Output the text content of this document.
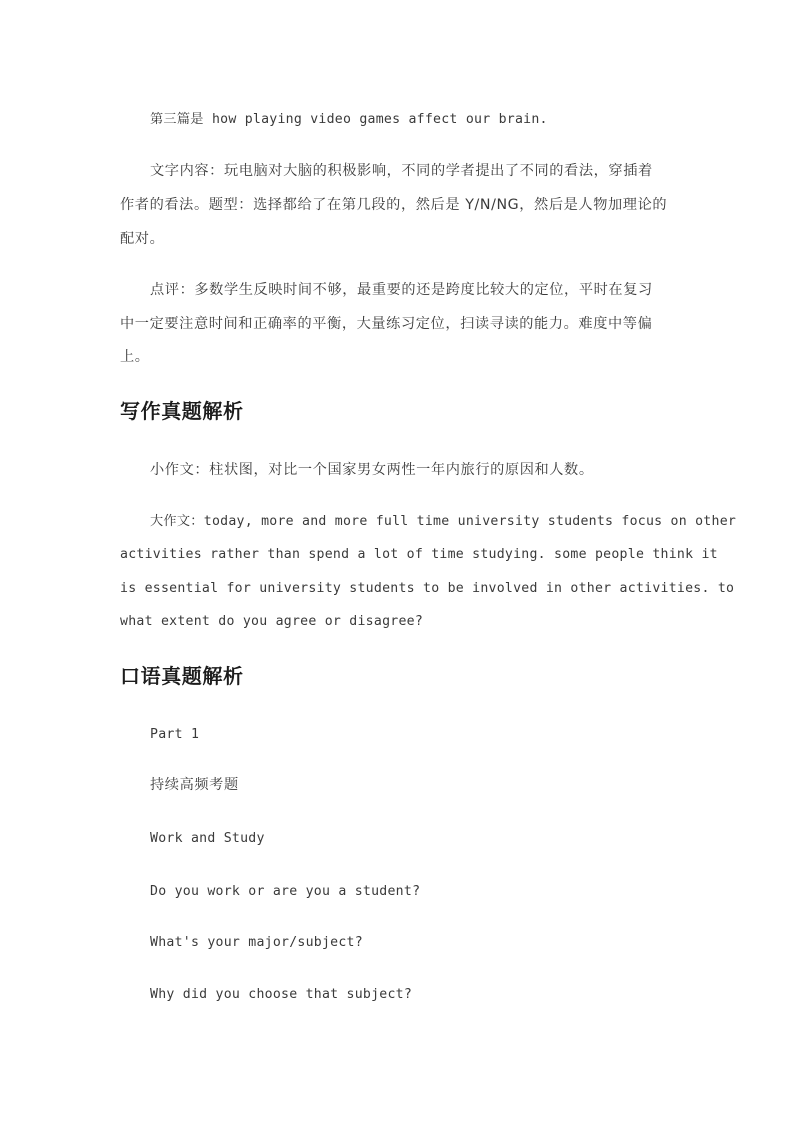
第三篇是 how playing video games affect our brain.

文字内容：玩电脑对大脑的积极影响，不同的学者提出了不同的看法，穿插着

作者的看法。题型：选择都给了在第几段的，然后是 Y/N/NG，然后是人物加理论的

配对。

点评：多数学生反映时间不够，最重要的还是跨度比较大的定位，平时在复习

中一定要注意时间和正确率的平衡，大量练习定位，扫读寻读的能力。难度中等偏

上。

写作真题解析

小作文：柱状图，对比一个国家男女两性一年内旅行的原因和人数。

大作文：today, more and more full time university students focus on other

activities rather than spend a lot of time studying. some people think it

is essential for university students to be involved in other activities. to

what extent do you agree or disagree?

口语真题解析

Part 1

持续高频考题

Work and Study

Do you work or are you a student?

What's your major/subject?

Why did you choose that subject?
